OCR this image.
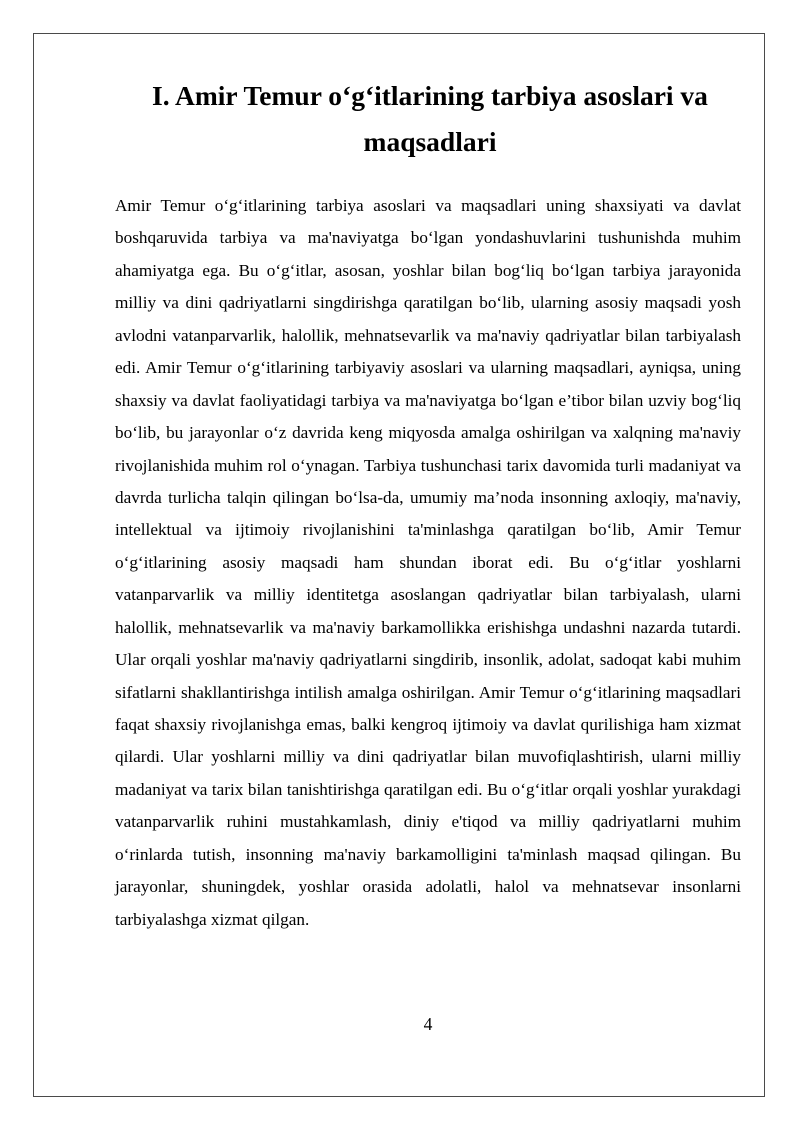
I. Amir Temur o‘g‘itlarining tarbiya asoslari va
maqsadlari

Amir Temur o‘g‘itlarining tarbiya asoslari va maqsadlari uning shaxsiyati va davlat boshqaruvida tarbiya va ma'naviyatga bo‘lgan yondashuvlarini tushunishda muhim ahamiyatga ega. Bu o‘g‘itlar, asosan, yoshlar bilan bog‘liq bo‘lgan tarbiya jarayonida milliy va dini qadriyatlarni singdirishga qaratilgan bo‘lib, ularning asosiy maqsadi yosh avlodni vatanparvarlik, halollik, mehnatsevarlik va ma'naviy qadriyatlar bilan tarbiyalash edi. Amir Temur o‘g‘itlarining tarbiyaviy asoslari va ularning maqsadlari, ayniqsa, uning shaxsiy va davlat faoliyatidagi tarbiya va ma'naviyatga bo‘lgan e’tibor bilan uzviy bog‘liq bo‘lib, bu jarayonlar o‘z davrida keng miqyosda amalga oshirilgan va xalqning ma'naviy rivojlanishida muhim rol o‘ynagan. Tarbiya tushunchasi tarix davomida turli madaniyat va davrda turlicha talqin qilingan bo‘lsa-da, umumiy ma’noda insonning axloqiy, ma'naviy, intellektual va ijtimoiy rivojlanishini ta'minlashga qaratilgan bo‘lib, Amir Temur o‘g‘itlarining asosiy maqsadi ham shundan iborat edi. Bu o‘g‘itlar yoshlarni vatanparvarlik va milliy identitetga asoslangan qadriyatlar bilan tarbiyalash, ularni halollik, mehnatsevarlik va ma'naviy barkamollikka erishishga undashni nazarda tutardi. Ular orqali yoshlar ma'naviy qadriyatlarni singdirib, insonlik, adolat, sadoqat kabi muhim sifatlarni shakllantirishga intilish amalga oshirilgan. Amir Temur o‘g‘itlarining maqsadlari faqat shaxsiy rivojlanishga emas, balki kengroq ijtimoiy va davlat qurilishiga ham xizmat qilardi. Ular yoshlarni milliy va dini qadriyatlar bilan muvofiqlashtirish, ularni milliy madaniyat va tarix bilan tanishtirishga qaratilgan edi. Bu o‘g‘itlar orqali yoshlar yurakdagi vatanparvarlik ruhini mustahkamlash, diniy e'tiqod va milliy qadriyatlarni muhim o‘rinlarda tutish, insonning ma'naviy barkamolligini ta'minlash maqsad qilingan. Bu jarayonlar, shuningdek, yoshlar orasida adolatli, halol va mehnatsevar insonlarni tarbiyalashga xizmat qilgan.

4
